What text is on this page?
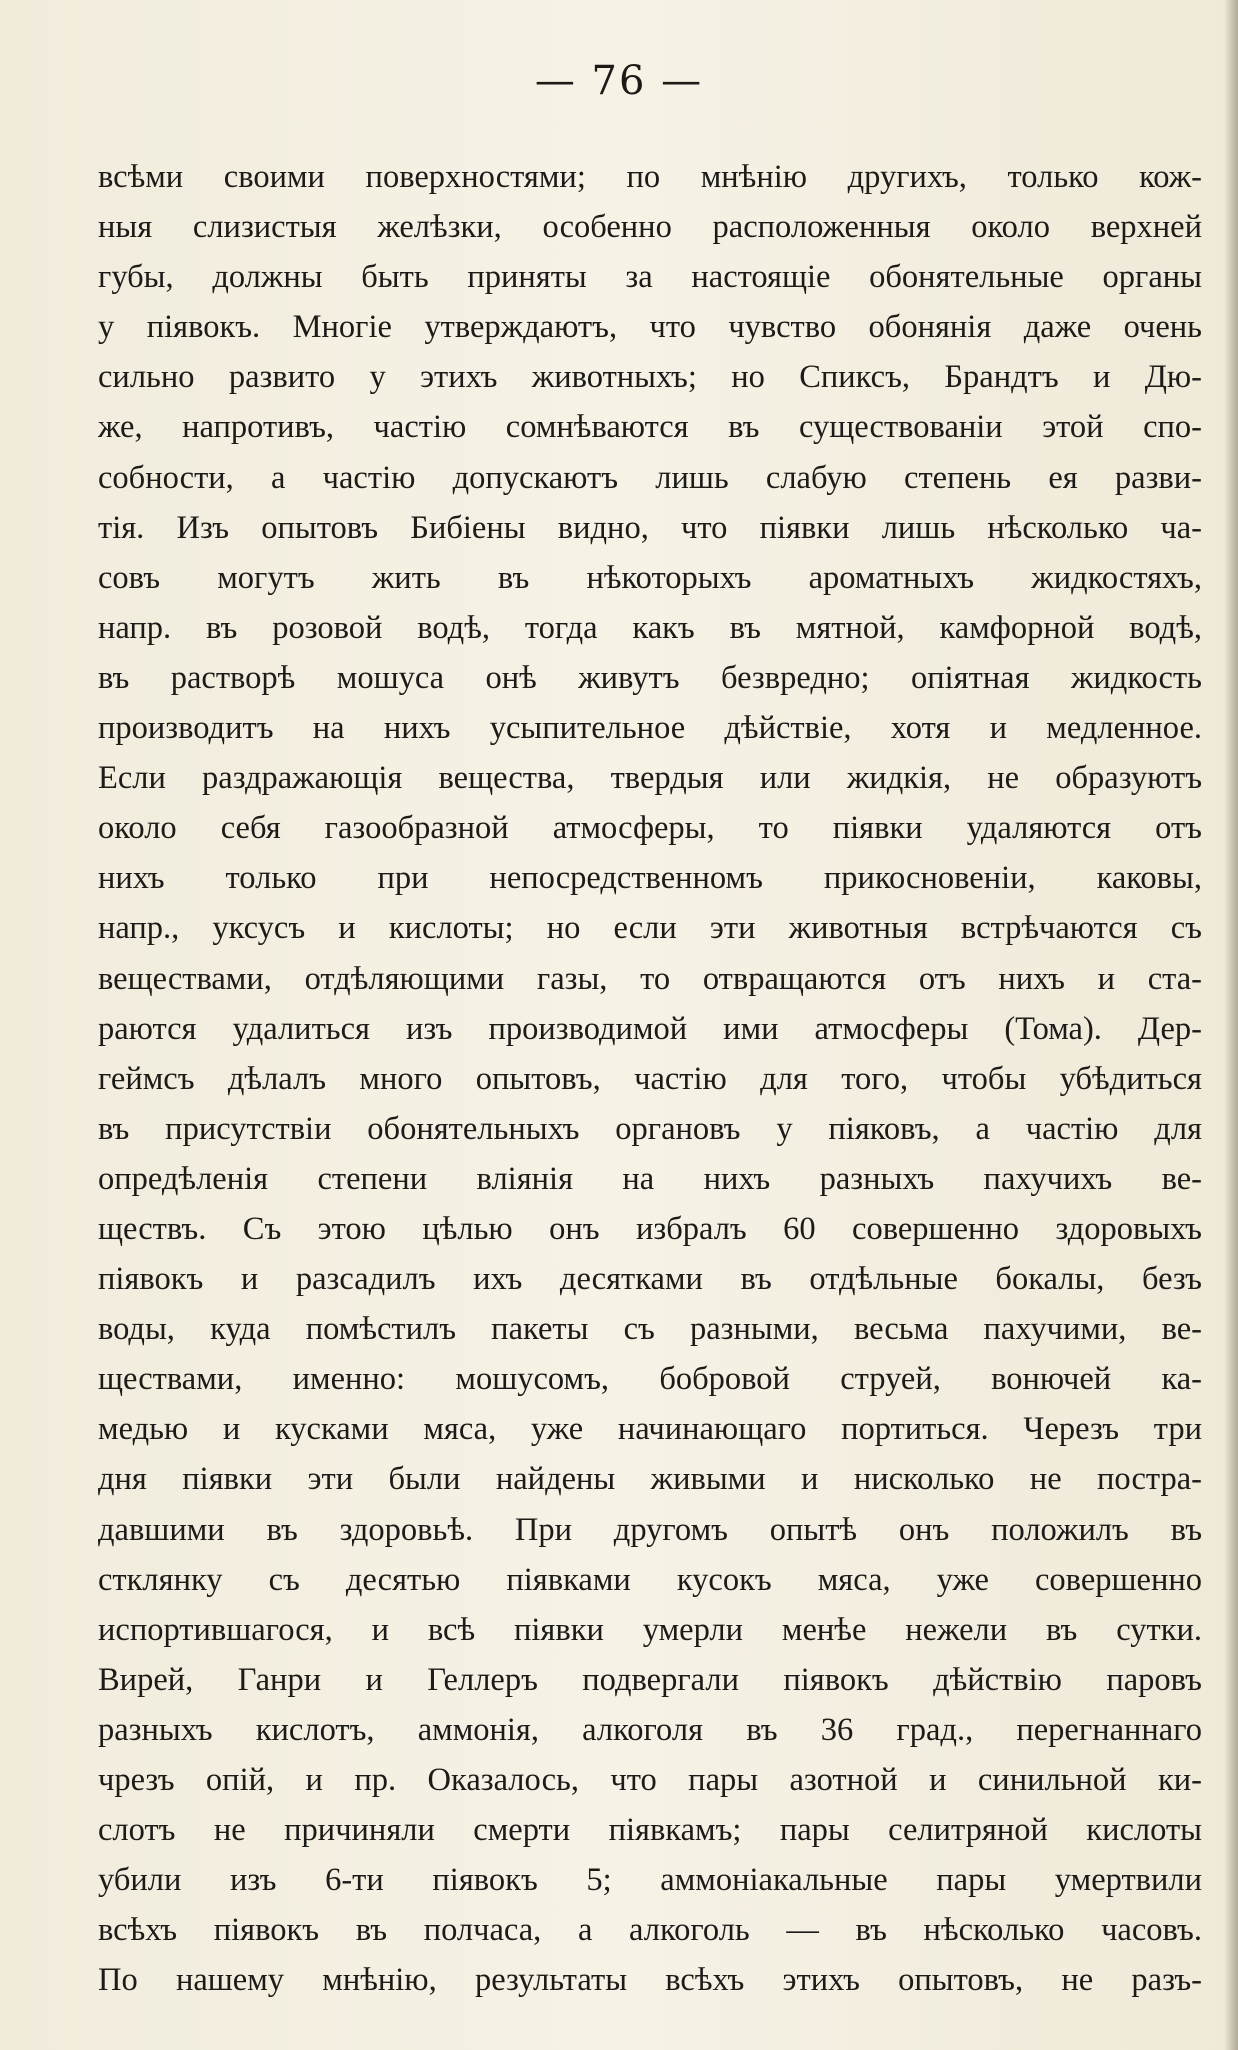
— 76 —
всѣми своими поверхностями; по мнѣнію другихъ, только кож-
ныя слизистыя желѣзки, особенно расположенныя около верхней
губы, должны быть приняты за настоящіе обонятельные органы
у піявокъ. Многіе утверждаютъ, что чувство обонянія даже очень
сильно развито у этихъ животныхъ; но Спиксъ, Брандтъ и Дю-
же, напротивъ, частію сомнѣваются въ существованіи этой спо-
собности, а частію допускаютъ лишь слабую степень ея разви-
тія. Изъ опытовъ Бибіены видно, что піявки лишь нѣсколько ча-
совъ могутъ жить въ нѣкоторыхъ ароматныхъ жидкостяхъ,
напр. въ розовой водѣ, тогда какъ въ мятной, камфорной водѣ,
въ растворѣ мошуса онѣ живутъ безвредно; опіятная жидкость
производитъ на нихъ усыпительное дѣйствіе, хотя и медленное.
Если раздражающія вещества, твердыя или жидкія, не образуютъ
около себя газообразной атмосферы, то піявки удаляются отъ
нихъ только при непосредственномъ прикосновеніи, каковы,
напр., уксусъ и кислоты; но если эти животныя встрѣчаются съ
веществами, отдѣляющими газы, то отвращаются отъ нихъ и ста-
раются удалиться изъ производимой ими атмосферы (Тома). Дер-
геймсъ дѣлалъ много опытовъ, частію для того, чтобы убѣдиться
въ присутствіи обонятельныхъ органовъ у піяковъ, а частію для
опредѣленія степени вліянія на нихъ разныхъ пахучихъ ве-
ществъ. Съ этою цѣлью онъ избралъ 60 совершенно здоровыхъ
піявокъ и разсадилъ ихъ десятками въ отдѣльные бокалы, безъ
воды, куда помѣстилъ пакеты съ разными, весьма пахучими, ве-
ществами, именно: мошусомъ, бобровой струей, вонючей ка-
медью и кусками мяса, уже начинающаго портиться. Черезъ три
дня піявки эти были найдены живыми и нисколько не постра-
давшими въ здоровьѣ. При другомъ опытѣ онъ положилъ въ
стклянку съ десятью піявками кусокъ мяса, уже совершенно
испортившагося, и всѣ піявки умерли менѣе нежели въ сутки.
Вирей, Ганри и Геллеръ подвергали піявокъ дѣйствію паровъ
разныхъ кислотъ, аммонія, алкоголя въ 36 град., перегнаннаго
чрезъ опій, и пр. Оказалось, что пары азотной и синильной ки-
слотъ не причиняли смерти піявкамъ; пары селитряной кислоты
убили изъ 6-ти піявокъ 5; аммоніакальные пары умертвили
всѣхъ піявокъ въ полчаса, а алкоголь — въ нѣсколько часовъ.
По нашему мнѣнію, результаты всѣхъ этихъ опытовъ, не разъ-
